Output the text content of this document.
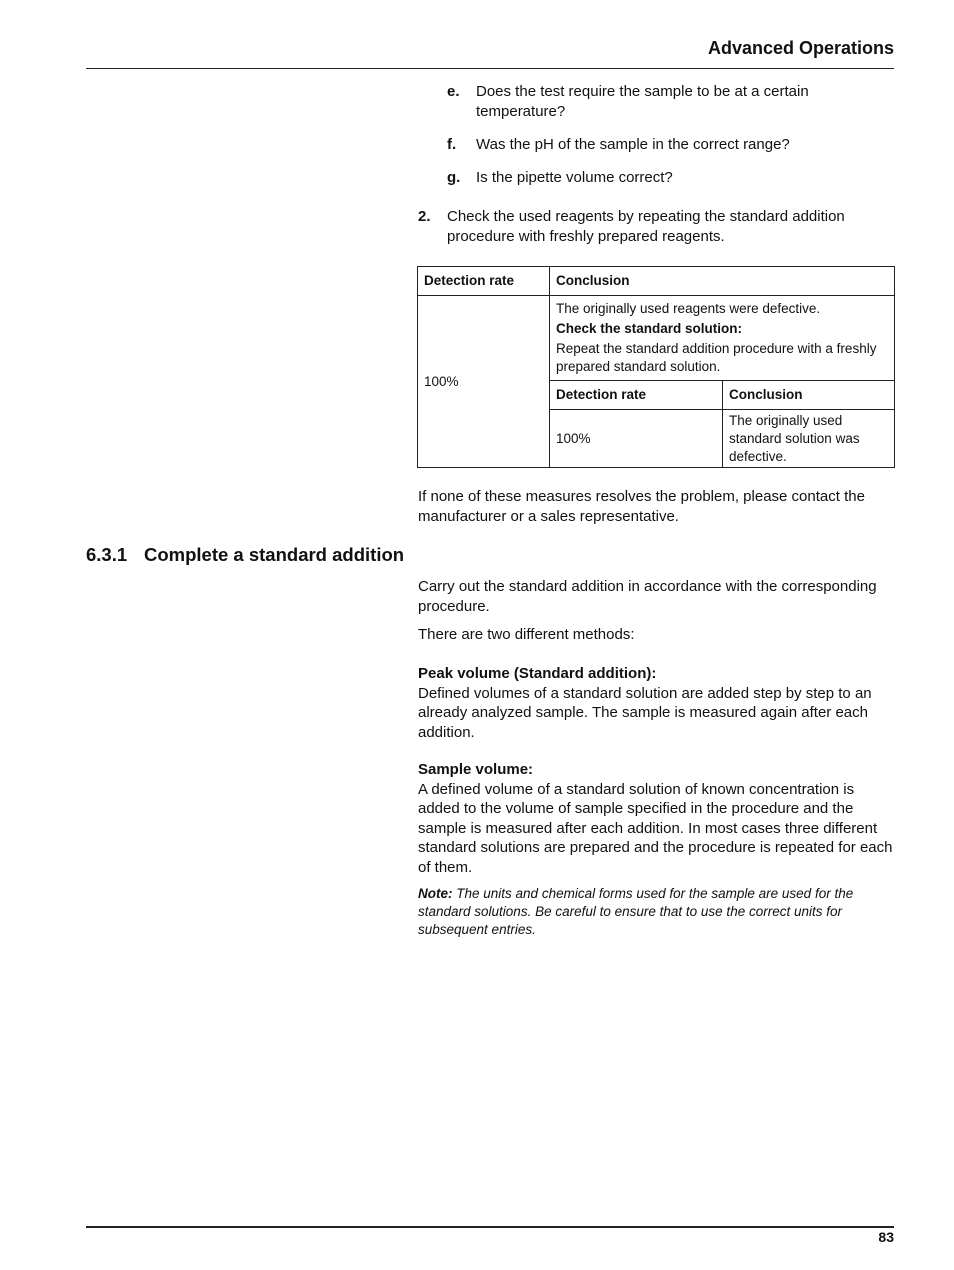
Advanced Operations
e. Does the test require the sample to be at a certain temperature?
f. Was the pH of the sample in the correct range?
g. Is the pipette volume correct?
2. Check the used reagents by repeating the standard addition procedure with freshly prepared reagents.
Detection rate	Conclusion	
100%	The originally used reagents were defective.

Check the standard solution:

Repeat the standard addition procedure with a freshly prepared standard solution.	

	Detection rate	Conclusion
	100%	The originally used standard solution was defective.
If none of these measures resolves the problem, please contact the manufacturer or a sales representative.
6.3.1 Complete a standard addition
Carry out the standard addition in accordance with the corresponding procedure.
There are two different methods:
Peak volume (Standard addition):
Defined volumes of a standard solution are added step by step to an already analyzed sample. The sample is measured again after each addition.
Sample volume:
A defined volume of a standard solution of known concentration is added to the volume of sample specified in the procedure and the sample is measured after each addition. In most cases three different standard solutions are prepared and the procedure is repeated for each of them.
Note: The units and chemical forms used for the sample are used for the standard solutions. Be careful to ensure that to use the correct units for subsequent entries.
83
